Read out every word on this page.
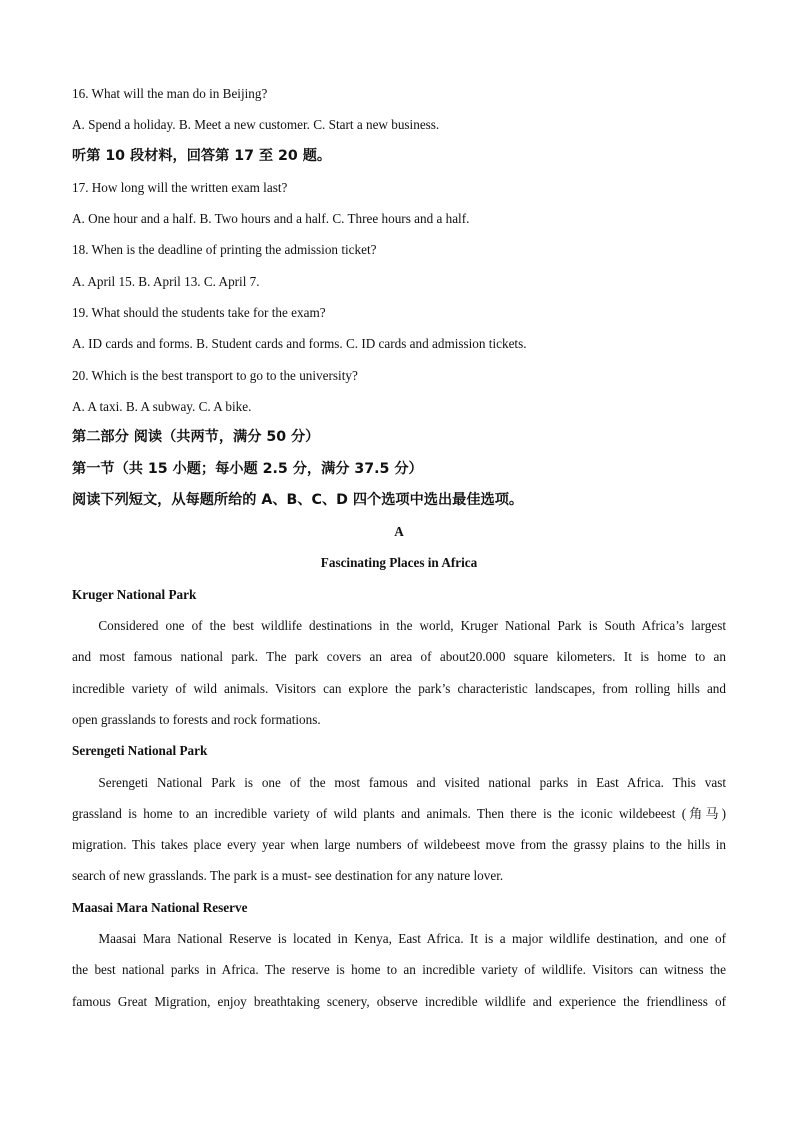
16. What will the man do in Beijing?

A. Spend a holiday. B. Meet a new customer. C. Start a new business.

听第 10 段材料，回答第 17 至 20 题。

17. How long will the written exam last?

A. One hour and a half. B. Two hours and a half. C. Three hours and a half.

18. When is the deadline of printing the admission ticket?

A. April 15. B. April 13. C. April 7.

19. What should the students take for the exam?

A. ID cards and forms. B. Student cards and forms. C. ID cards and admission tickets.

20. Which is the best transport to go to the university?

A. A taxi. B. A subway. C. A bike.

第二部分 阅读（共两节，满分 50 分）

第一节（共 15 小题；每小题 2.5 分，满分 37.5 分）

阅读下列短文，从每题所给的 A、B、C、D 四个选项中选出最佳选项。

A

Fascinating Places in Africa

Kruger National Park

Considered one of the best wildlife destinations in the world, Kruger National Park is South Africa’s largest
and most famous national park. The park covers an area of about20.000 square kilometers. It is home to an
incredible variety of wild animals. Visitors can explore the park’s characteristic landscapes, from rolling hills and
open grasslands to forests and rock formations.

Serengeti National Park

Serengeti National Park is one of the most famous and visited national parks in East Africa. This vast
grassland is home to an incredible variety of wild plants and animals. Then there is the iconic wildebeest (角马)
migration. This takes place every year when large numbers of wildebeest move from the grassy plains to the hills in
search of new grasslands. The park is a must- see destination for any nature lover.

Maasai Mara National Reserve

Maasai Mara National Reserve is located in Kenya, East Africa. It is a major wildlife destination, and one of
the best national parks in Africa. The reserve is home to an incredible variety of wildlife. Visitors can witness the
famous Great Migration, enjoy breathtaking scenery, observe incredible wildlife and experience the friendliness of
